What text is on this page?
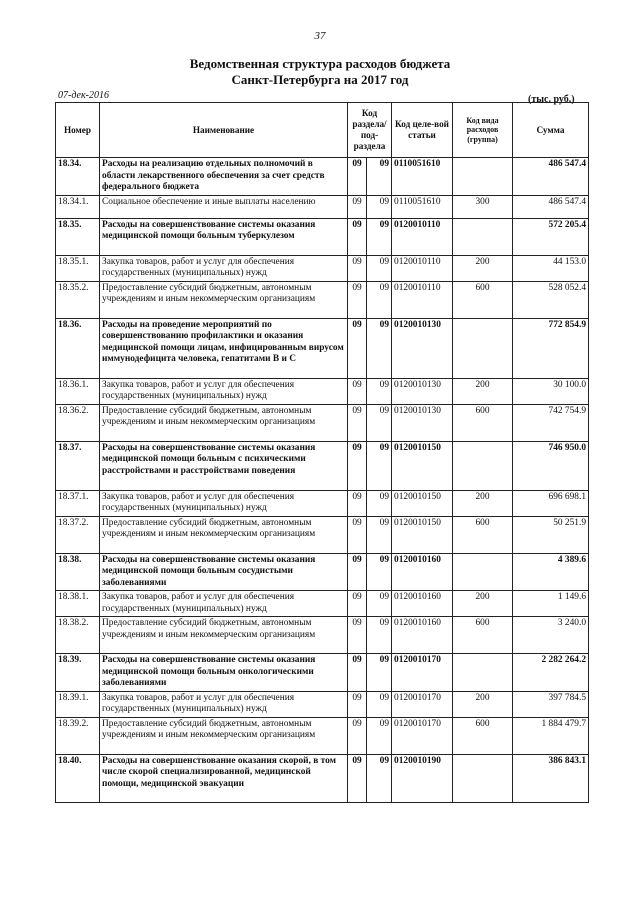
37
Ведомственная структура расходов бюджета
Санкт-Петербурга на 2017 год
07-дек-2016	(тыс. руб.)
Номер	Наименование	Код раздела/ под-раздела		Код целе-вой статьи	Код вида расходов (группа)	Сумма
18.34.	Расходы на реализацию отдельных полномочий в области лекарственного обеспечения за счет средств федерального бюджета	09	09	0110051610		486 547.4
18.34.1.	Социальное обеспечение и иные выплаты населению	09	09	0110051610	300	486 547.4
18.35.	Расходы на совершенствование системы оказания медицинской помощи больным туберкулезом	09	09	0120010110		572 205.4
18.35.1.	Закупка товаров, работ и услуг для обеспечения государственных (муниципальных) нужд	09	09	0120010110	200	44 153.0
18.35.2.	Предоставление субсидий бюджетным, автономным учреждениям и иным некоммерческим организациям	09	09	0120010110	600	528 052.4
18.36.	Расходы на проведение мероприятий по совершенствованию профилактики и оказания медицинской помощи лицам, инфицированным вирусом иммунодефицита человека, гепатитами В и С	09	09	0120010130		772 854.9
18.36.1.	Закупка товаров, работ и услуг для обеспечения государственных (муниципальных) нужд	09	09	0120010130	200	30 100.0
18.36.2.	Предоставление субсидий бюджетным, автономным учреждениям и иным некоммерческим организациям	09	09	0120010130	600	742 754.9
18.37.	Расходы на совершенствование системы оказания медицинской помощи больным с психическими расстройствами и расстройствами поведения	09	09	0120010150		746 950.0
18.37.1.	Закупка товаров, работ и услуг для обеспечения государственных (муниципальных) нужд	09	09	0120010150	200	696 698.1
18.37.2.	Предоставление субсидий бюджетным, автономным учреждениям и иным некоммерческим организациям	09	09	0120010150	600	50 251.9
18.38.	Расходы на совершенствование системы оказания медицинской помощи больным сосудистыми заболеваниями	09	09	0120010160		4 389.6
18.38.1.	Закупка товаров, работ и услуг для обеспечения государственных (муниципальных) нужд	09	09	0120010160	200	1 149.6
18.38.2.	Предоставление субсидий бюджетным, автономным учреждениям и иным некоммерческим организациям	09	09	0120010160	600	3 240.0
18.39.	Расходы на совершенствование системы оказания медицинской помощи больным онкологическими заболеваниями	09	09	0120010170		2 282 264.2
18.39.1.	Закупка товаров, работ и услуг для обеспечения государственных (муниципальных) нужд	09	09	0120010170	200	397 784.5
18.39.2.	Предоставление субсидий бюджетным, автономным учреждениям и иным некоммерческим организациям	09	09	0120010170	600	1 884 479.7
18.40.	Расходы на совершенствование оказания скорой, в том числе скорой специализированной, медицинской помощи, медицинской эвакуации	09	09	0120010190		386 843.1
